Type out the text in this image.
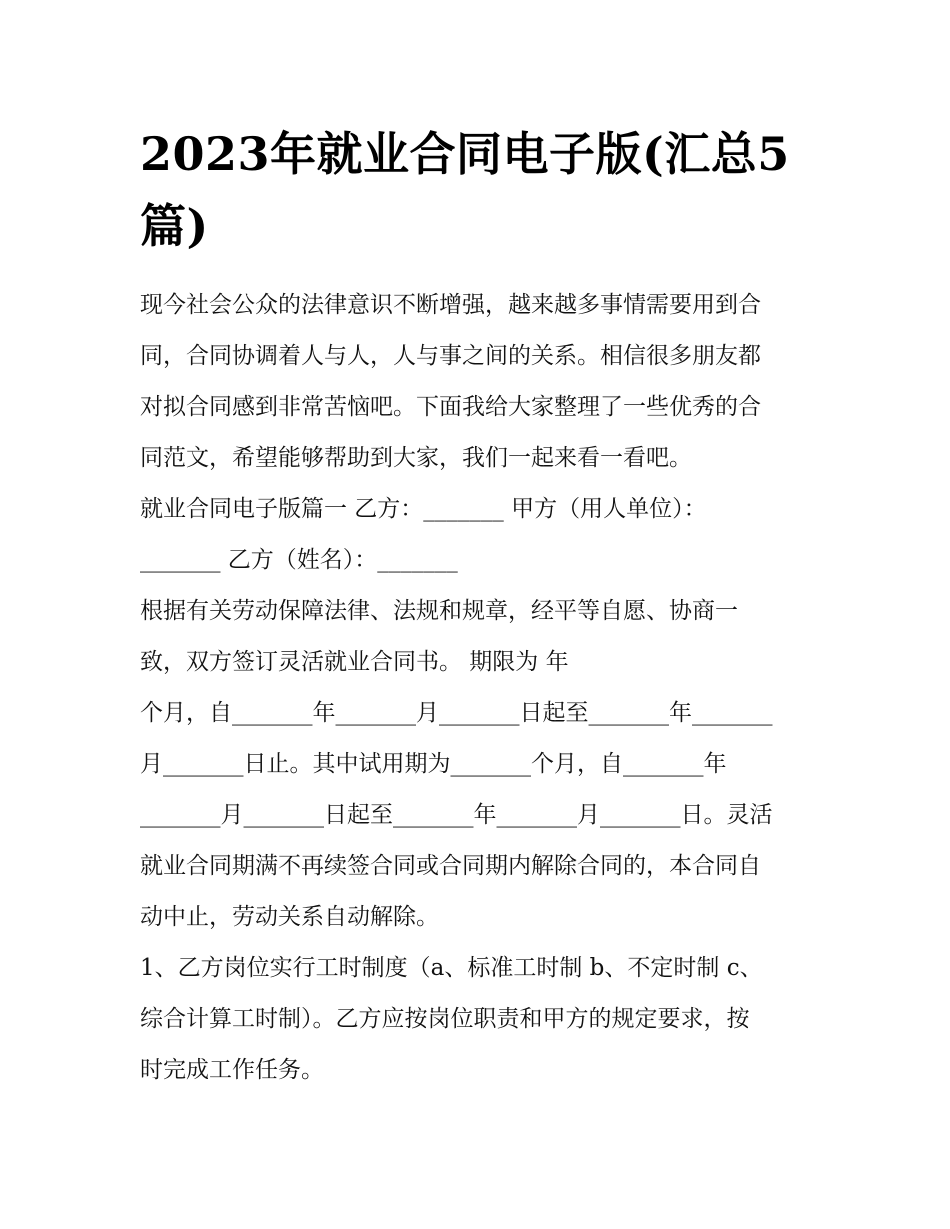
2023年就业合同电子版(汇总5
篇)
现今社会公众的法律意识不断增强，越来越多事情需要用到合
同，合同协调着人与人，人与事之间的关系。相信很多朋友都
对拟合同感到非常苦恼吧。下面我给大家整理了一些优秀的合
同范文，希望能够帮助到大家，我们一起来看一看吧。
就业合同电子版篇一 乙方：_______ 甲方（用人单位）：
_______ 乙方（姓名）：_______
根据有关劳动保障法律、法规和规章，经平等自愿、协商一
致，双方签订灵活就业合同书。 期限为 年
个月，自_______年_______月_______日起至_______年_______
月_______日止。其中试用期为_______个月，自_______年
_______月_______日起至_______年_______月_______日。灵活
就业合同期满不再续签合同或合同期内解除合同的，本合同自
动中止，劳动关系自动解除。
1、乙方岗位实行工时制度（a、标准工时制 b、不定时制 c、
综合计算工时制）。乙方应按岗位职责和甲方的规定要求，按
时完成工作任务。
